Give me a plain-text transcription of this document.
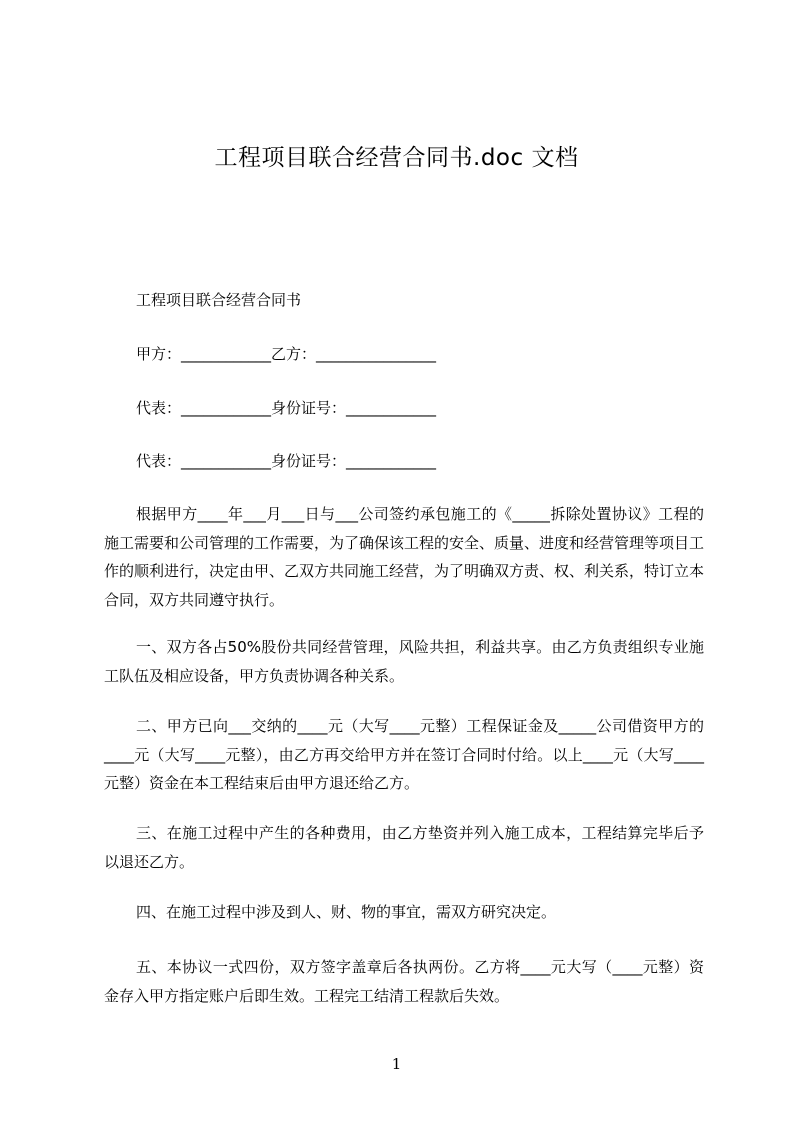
工程项目联合经营合同书.doc 文档
工程项目联合经营合同书
甲方：____________乙方：________________
代表：____________身份证号：____________
代表：____________身份证号：____________

根据甲方____年___月___日与___公司签约承包施工的《_____拆除处置协议》工程的施工需要和公司管理的工作需要，为了确保该工程的安全、质量、进度和经营管理等项目工作的顺利进行，决定由甲、乙双方共同施工经营，为了明确双方责、权、利关系，特订立本合同，双方共同遵守执行。

一、双方各占50%股份共同经营管理，风险共担，利益共享。由乙方负责组织专业施工队伍及相应设备，甲方负责协调各种关系。

二、甲方已向___交纳的____元（大写____元整）工程保证金及_____公司借资甲方的____元（大写____元整），由乙方再交给甲方并在签订合同时付给。以上____元（大写____元整）资金在本工程结束后由甲方退还给乙方。

三、在施工过程中产生的各种费用，由乙方垫资并列入施工成本，工程结算完毕后予以退还乙方。

四、在施工过程中涉及到人、财、物的事宜，需双方研究决定。

五、本协议一式四份，双方签字盖章后各执两份。乙方将____元大写（____元整）资金存入甲方指定账户后即生效。工程完工结清工程款后失效。

1
